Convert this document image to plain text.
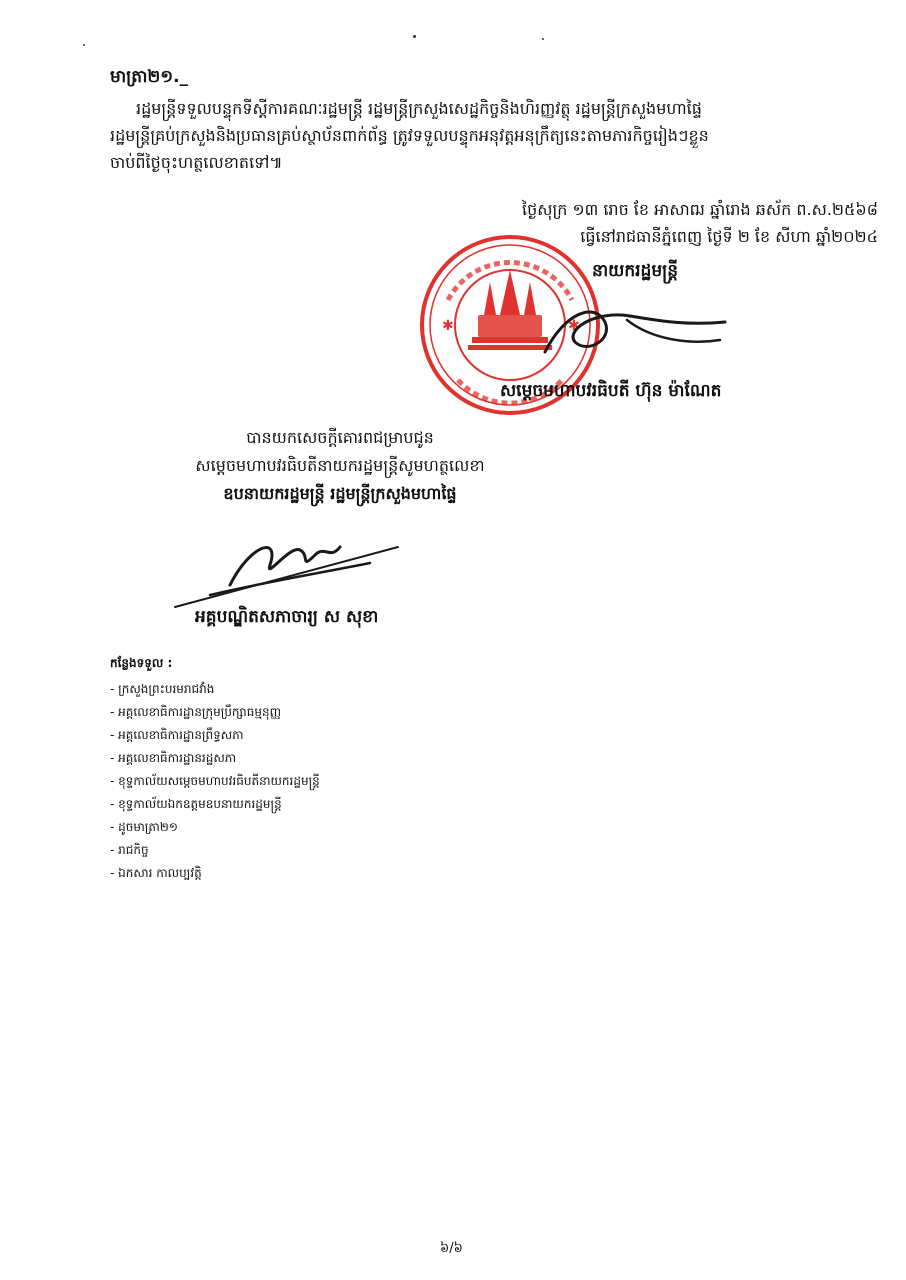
មាត្រា២១._
រដ្ឋមន្ត្រីទទួលបន្ទុកទីស្តីការគណៈរដ្ឋមន្ត្រី រដ្ឋមន្ត្រីក្រសួងសេដ្ឋកិច្ចនិងហិរញ្ញវត្ថុ រដ្ឋមន្ត្រីក្រសួងមហាផ្ទៃ
រដ្ឋមន្ត្រីគ្រប់ក្រសួងនិងប្រធានគ្រប់ស្ថាប័នពាក់ព័ន្ធ ត្រូវទទួលបន្ទុកអនុវត្តអនុក្រឹត្យនេះតាមភារកិច្ចរៀងៗខ្លួន
ចាប់ពីថ្ងៃចុះហត្ថលេខាតទៅ៕
ថ្ងៃសុក្រ ១៣ រោច ខែ អាសាឍ ឆ្នាំរោង ឆស័ក ព.ស.២៥៦៨
ធ្វើនៅរាជធានីភ្នំពេញ ថ្ងៃទី ២ ខែ សីហា ឆ្នាំ២០២៤
✱	✱
នាយករដ្ឋមន្ត្រី
សម្តេចមហាបវរធិបតី ហ៊ុន ម៉ាណែត
បានយកសេចក្តីគោរពជម្រាបជូន
សម្តេចមហាបវរធិបតីនាយករដ្ឋមន្ត្រីសូមហត្ថលេខា
ឧបនាយករដ្ឋមន្ត្រី រដ្ឋមន្ត្រីក្រសួងមហាផ្ទៃ
អគ្គបណ្ឌិតសភាចារ្យ ស សុខា
កន្លែងទទួល :
- ក្រសួងព្រះបរមរាជវាំង
- អគ្គលេខាធិការដ្ឋានក្រុមប្រឹក្សាធម្មនុញ្ញ
- អគ្គលេខាធិការដ្ឋានព្រឹទ្ធសភា
- អគ្គលេខាធិការដ្ឋានរដ្ឋសភា
- ខុទ្ទកាល័យសម្តេចមហាបវរធិបតីនាយករដ្ឋមន្ត្រី
- ខុទ្ទកាល័យឯកឧត្តមឧបនាយករដ្ឋមន្ត្រី
- ដូចមាត្រា២១
- រាជកិច្ច
- ឯកសារ កាលប្បវត្តិ
៦/៦
